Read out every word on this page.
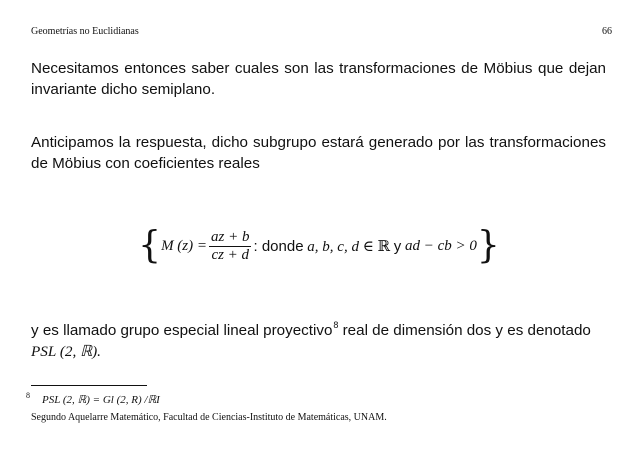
Geometrías no Euclidianas	66
Necesitamos entonces saber cuales son las transformaciones de Möbius que dejan invariante dicho semiplano.
Anticipamos la respuesta, dicho subgrupo estará generado por las transformaciones de Möbius con coeficientes reales
{ M $(z) = \frac{az + b}{cz + d}$ : donde
a, b, c, d ∈
ℝ
y
ad − cb > 0 }
y es llamado grupo especial lineal proyectivo$^8$ real de dimensión dos y es denotado
PSL (2, ℝ).
$^8$ PSL (2, ℝ) = Gl (2, R) /ℝI
Segundo Aquelarre Matemático, Facultad de Ciencias-Instituto de Matemáticas, UNAM.
